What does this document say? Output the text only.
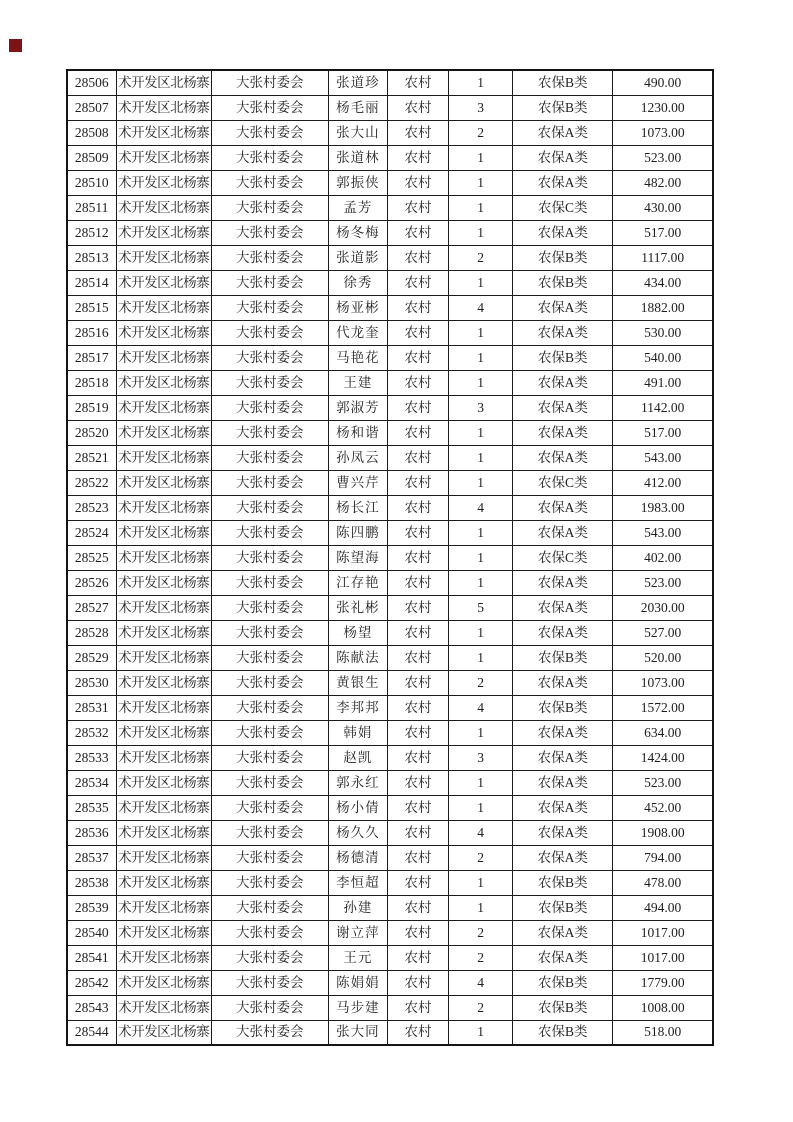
28506	术开发区北杨寨	大张村委会	张道珍	农村	1	农保B类	490.00
28507	术开发区北杨寨	大张村委会	杨毛丽	农村	3	农保B类	1230.00
28508	术开发区北杨寨	大张村委会	张大山	农村	2	农保A类	1073.00
28509	术开发区北杨寨	大张村委会	张道林	农村	1	农保A类	523.00
28510	术开发区北杨寨	大张村委会	郭振侠	农村	1	农保A类	482.00
28511	术开发区北杨寨	大张村委会	孟芳	农村	1	农保C类	430.00
28512	术开发区北杨寨	大张村委会	杨冬梅	农村	1	农保A类	517.00
28513	术开发区北杨寨	大张村委会	张道影	农村	2	农保B类	1117.00
28514	术开发区北杨寨	大张村委会	徐秀	农村	1	农保B类	434.00
28515	术开发区北杨寨	大张村委会	杨亚彬	农村	4	农保A类	1882.00
28516	术开发区北杨寨	大张村委会	代龙奎	农村	1	农保A类	530.00
28517	术开发区北杨寨	大张村委会	马艳花	农村	1	农保B类	540.00
28518	术开发区北杨寨	大张村委会	王建	农村	1	农保A类	491.00
28519	术开发区北杨寨	大张村委会	郭淑芳	农村	3	农保A类	1142.00
28520	术开发区北杨寨	大张村委会	杨和谐	农村	1	农保A类	517.00
28521	术开发区北杨寨	大张村委会	孙凤云	农村	1	农保A类	543.00
28522	术开发区北杨寨	大张村委会	曹兴芹	农村	1	农保C类	412.00
28523	术开发区北杨寨	大张村委会	杨长江	农村	4	农保A类	1983.00
28524	术开发区北杨寨	大张村委会	陈四鹏	农村	1	农保A类	543.00
28525	术开发区北杨寨	大张村委会	陈望海	农村	1	农保C类	402.00
28526	术开发区北杨寨	大张村委会	江存艳	农村	1	农保A类	523.00
28527	术开发区北杨寨	大张村委会	张礼彬	农村	5	农保A类	2030.00
28528	术开发区北杨寨	大张村委会	杨望	农村	1	农保A类	527.00
28529	术开发区北杨寨	大张村委会	陈献法	农村	1	农保B类	520.00
28530	术开发区北杨寨	大张村委会	黄银生	农村	2	农保A类	1073.00
28531	术开发区北杨寨	大张村委会	李邦邦	农村	4	农保B类	1572.00
28532	术开发区北杨寨	大张村委会	韩娟	农村	1	农保A类	634.00
28533	术开发区北杨寨	大张村委会	赵凯	农村	3	农保A类	1424.00
28534	术开发区北杨寨	大张村委会	郭永红	农村	1	农保A类	523.00
28535	术开发区北杨寨	大张村委会	杨小倩	农村	1	农保A类	452.00
28536	术开发区北杨寨	大张村委会	杨久久	农村	4	农保A类	1908.00
28537	术开发区北杨寨	大张村委会	杨德清	农村	2	农保A类	794.00
28538	术开发区北杨寨	大张村委会	李恒超	农村	1	农保B类	478.00
28539	术开发区北杨寨	大张村委会	孙建	农村	1	农保B类	494.00
28540	术开发区北杨寨	大张村委会	谢立萍	农村	2	农保A类	1017.00
28541	术开发区北杨寨	大张村委会	王元	农村	2	农保A类	1017.00
28542	术开发区北杨寨	大张村委会	陈娟娟	农村	4	农保B类	1779.00
28543	术开发区北杨寨	大张村委会	马步建	农村	2	农保B类	1008.00
28544	术开发区北杨寨	大张村委会	张大同	农村	1	农保B类	518.00
